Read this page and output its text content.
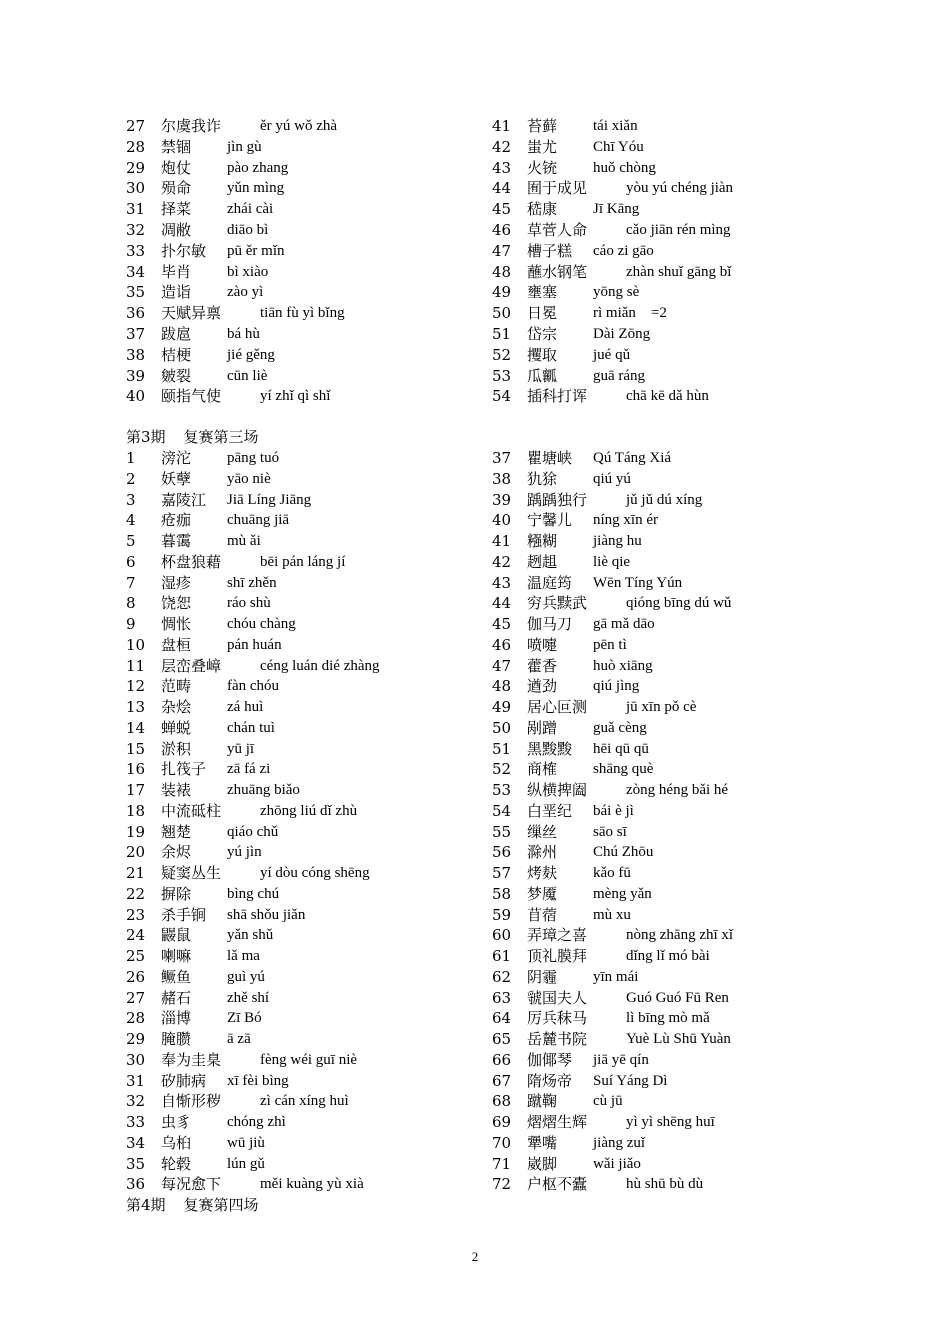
27 尔虞我诈	ěr yú wǒ zhà
28 禁锢 jìn gù
29 炮仗 pào zhang
30 殒命 yǔn mìng
31 择菜 zhái cài
32 凋敝 diāo bì
33 扑尔敏 pū ěr mǐn
34 毕肖 bì xiào
35 造诣 zào yì
36 天赋异禀	tiān fù yì bǐng
37 跋扈 bá hù
38 桔梗 jié gěng
39 皴裂 cūn liè
40 颐指气使	yí zhǐ qì shǐ
41 苔藓 tái xiǎn
42 蚩尤 Chī Yóu
43 火铳 huǒ chòng
44 囿于成见	yòu yú chéng jiàn
45 嵇康 Jī Kāng
46 草菅人命	cǎo jiān rén mìng
47 槽子糕 cáo zi gāo
48 蘸水钢笔	zhàn shuǐ gāng bǐ
49 壅塞 yōng sè
50 日冕 rì miǎn　=2
51 岱宗 Dài Zōng
52 攫取 jué qǔ
53 瓜瓤 guā ráng
54 插科打诨	chā kē dǎ hùn
第3期 复赛第三场
1 滂沱 pāng tuó
2 妖孽 yāo niè
3 嘉陵江 Jiā Líng Jiāng
4 疮痂 chuāng jiā
5 暮霭 mù ǎi
6 杯盘狼藉	bēi pán láng jí
7 湿疹 shī zhěn
8 饶恕 ráo shù
9 惆怅 chóu chàng
10 盘桓 pán huán
11 层峦叠嶂	céng luán dié zhàng
12 范畴 fàn chóu
13 杂烩 zá huì
14 蝉蜕 chán tuì
15 淤积 yū jī
16 扎筏子 zā fá zi
17 装裱 zhuāng biǎo
18 中流砥柱	zhōng liú dǐ zhù
19 翘楚 qiáo chǔ
20 余烬 yú jìn
21 疑窦丛生	yí dòu cóng shēng
22 摒除 bìng chú
23 杀手锏 shā shǒu jiǎn
24 鼹鼠 yǎn shǔ
25 喇嘛 lǎ ma
26 鳜鱼 guì yú
27 赭石 zhě shí
28 淄博 Zī Bó
29 腌臜 ā zā
30 奉为圭臬	fèng wéi guī niè
31 矽肺病 xī fèi bìng
32 自惭形秽	zì cán xíng huì
33 虫豸 chóng zhì
34 乌桕 wū jiù
35 轮毂 lún gǔ
36 每况愈下	měi kuàng yù xià
37 瞿塘峡 Qú Táng Xiá
38 犰狳 qiú yú
39 踽踽独行	jǔ jǔ dú xíng
40 宁馨儿 níng xīn ér
41 糨糊 jiàng hu
42 趔趄 liè qie
43 温庭筠 Wēn Tíng Yún
44 穷兵黩武	qióng bīng dú wǔ
45 伽马刀 gā mǎ dāo
46 喷嚏 pēn tì
47 藿香 huò xiāng
48 遒劲 qiú jìng
49 居心叵测	jū xīn pǒ cè
50 剐蹭 guǎ cèng
51 黑黢黢 hēi qū qū
52 商榷 shāng què
53 纵横捭阖	zòng héng bǎi hé
54 白垩纪 bái è jì
55 缫丝 sāo sī
56 滁州 Chú Zhōu
57 烤麸 kǎo fū
58 梦魇 mèng yǎn
59 苜蓿 mù xu
60 弄璋之喜	nòng zhāng zhī xǐ
61 顶礼膜拜	dǐng lǐ mó bài
62 阴霾 yīn mái
63 虢国夫人	Guó Guó Fū Ren
64 厉兵秣马	lì bīng mò mǎ
65 岳麓书院	Yuè Lù Shū Yuàn
66 伽倻琴 jiā yē qín
67 隋炀帝 Suí Yáng Dì
68 蹴鞠 cù jū
69 熠熠生辉	yì yì shēng huī
70 犟嘴 jiàng zuǐ
71 崴脚 wǎi jiǎo
72 户枢不蠹	hù shū bù dù
第4期 复赛第四场
2
